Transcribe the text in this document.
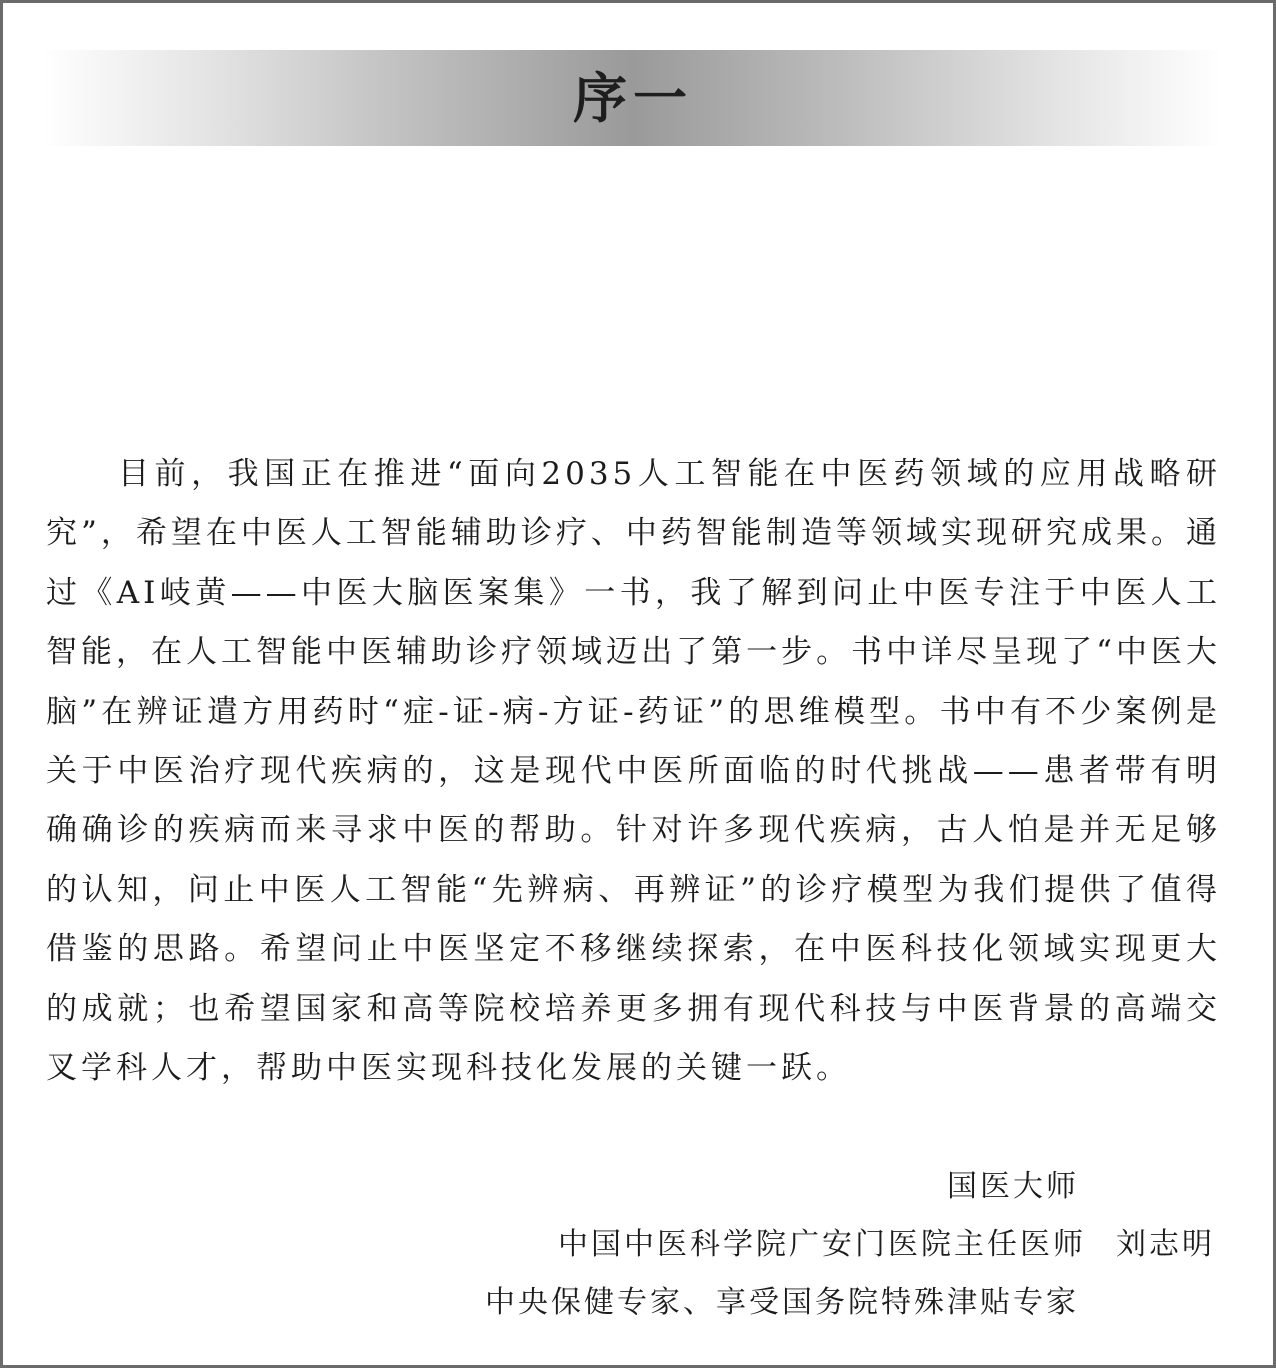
序一

目前，我国正在推进“面向2035人工智能在中医药领域的应用战略研究”，希望在中医人工智能辅助诊疗、中药智能制造等领域实现研究成果。通过《AI岐黄——中医大脑医案集》一书，我了解到问止中医专注于中医人工智能，在人工智能中医辅助诊疗领域迈出了第一步。书中详尽呈现了“中医大脑”在辨证遣方用药时“症-证-病-方证-药证”的思维模型。书中有不少案例是关于中医治疗现代疾病的，这是现代中医所面临的时代挑战——患者带有明确确诊的疾病而来寻求中医的帮助。针对许多现代疾病，古人怕是并无足够的认知，问止中医人工智能“先辨病、再辨证”的诊疗模型为我们提供了值得借鉴的思路。希望问止中医坚定不移继续探索，在中医科技化领域实现更大的成就；也希望国家和高等院校培养更多拥有现代科技与中医背景的高端交叉学科人才，帮助中医实现科技化发展的关键一跃。

国医大师
中国中医科学院广安门医院主任医师 刘志明
中央保健专家、享受国务院特殊津贴专家
